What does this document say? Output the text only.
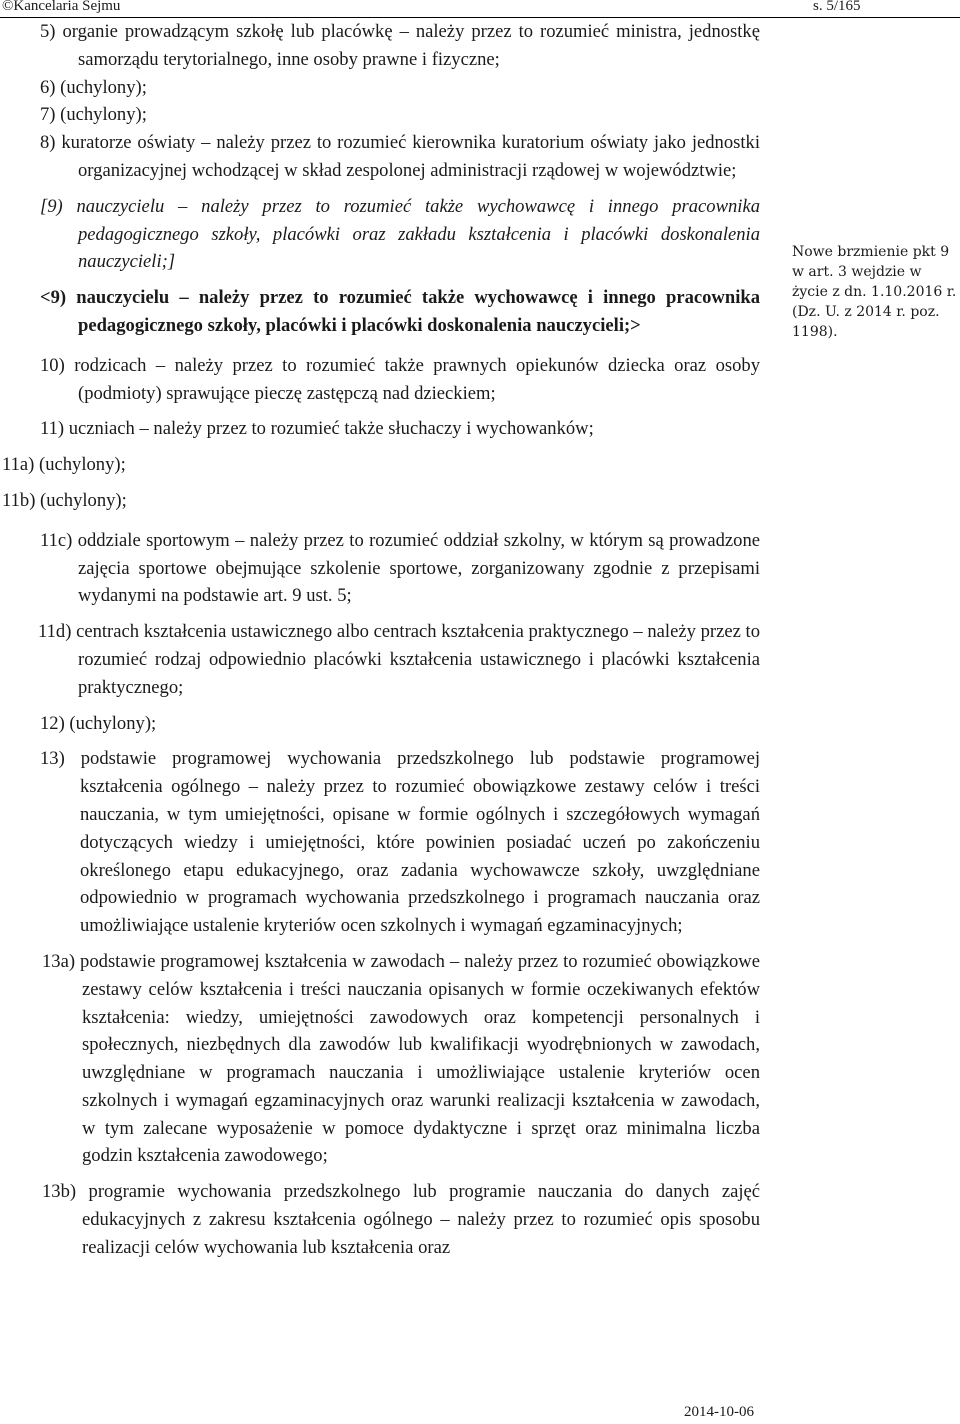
©Kancelaria Sejmu	s. 5/165
5) organie prowadzącym szkołę lub placówkę – należy przez to rozumieć ministra, jednostkę samorządu terytorialnego, inne osoby prawne i fizyczne;
6) (uchylony);
7) (uchylony);
8) kuratorze oświaty – należy przez to rozumieć kierownika kuratorium oświaty jako jednostki organizacyjnej wchodzącej w skład zespolonej administracji rządowej w województwie;
[9) nauczycielu – należy przez to rozumieć także wychowawcę i innego pracownika pedagogicznego szkoły, placówki oraz zakładu kształcenia i placówki doskonalenia nauczycieli;]
<9) nauczycielu – należy przez to rozumieć także wychowawcę i innego pracownika pedagogicznego szkoły, placówki i placówki doskonalenia nauczycieli;>
10) rodzicach – należy przez to rozumieć także prawnych opiekunów dziecka oraz osoby (podmioty) sprawujące pieczę zastępczą nad dzieckiem;
11) uczniach – należy przez to rozumieć także słuchaczy i wychowanków;
11a) (uchylony);
11b) (uchylony);
11c) oddziale sportowym – należy przez to rozumieć oddział szkolny, w którym są prowadzone zajęcia sportowe obejmujące szkolenie sportowe, zorganizowany zgodnie z przepisami wydanymi na podstawie art. 9 ust. 5;
11d) centrach kształcenia ustawicznego albo centrach kształcenia praktycznego – należy przez to rozumieć rodzaj odpowiednio placówki kształcenia ustawicznego i placówki kształcenia praktycznego;
12) (uchylony);
13) podstawie programowej wychowania przedszkolnego lub podstawie programowej kształcenia ogólnego – należy przez to rozumieć obowiązkowe zestawy celów i treści nauczania, w tym umiejętności, opisane w formie ogólnych i szczegółowych wymagań dotyczących wiedzy i umiejętności, które powinien posiadać uczeń po zakończeniu określonego etapu edukacyjnego, oraz zadania wychowawcze szkoły, uwzględniane odpowiednio w programach wychowania przedszkolnego i programach nauczania oraz umożliwiające ustalenie kryteriów ocen szkolnych i wymagań egzaminacyjnych;
13a) podstawie programowej kształcenia w zawodach – należy przez to rozumieć obowiązkowe zestawy celów kształcenia i treści nauczania opisanych w formie oczekiwanych efektów kształcenia: wiedzy, umiejętności zawodowych oraz kompetencji personalnych i społecznych, niezbędnych dla zawodów lub kwalifikacji wyodrębnionych w zawodach, uwzględniane w programach nauczania i umożliwiające ustalenie kryteriów ocen szkolnych i wymagań egzaminacyjnych oraz warunki realizacji kształcenia w zawodach, w tym zalecane wyposażenie w pomoce dydaktyczne i sprzęt oraz minimalna liczba godzin kształcenia zawodowego;
13b) programie wychowania przedszkolnego lub programie nauczania do danych zajęć edukacyjnych z zakresu kształcenia ogólnego – należy przez to rozumieć opis sposobu realizacji celów wychowania lub kształcenia oraz
Nowe brzmienie pkt 9 w art. 3 wejdzie w życie z dn. 1.10.2016 r. (Dz. U. z 2014 r. poz. 1198).
2014-10-06
